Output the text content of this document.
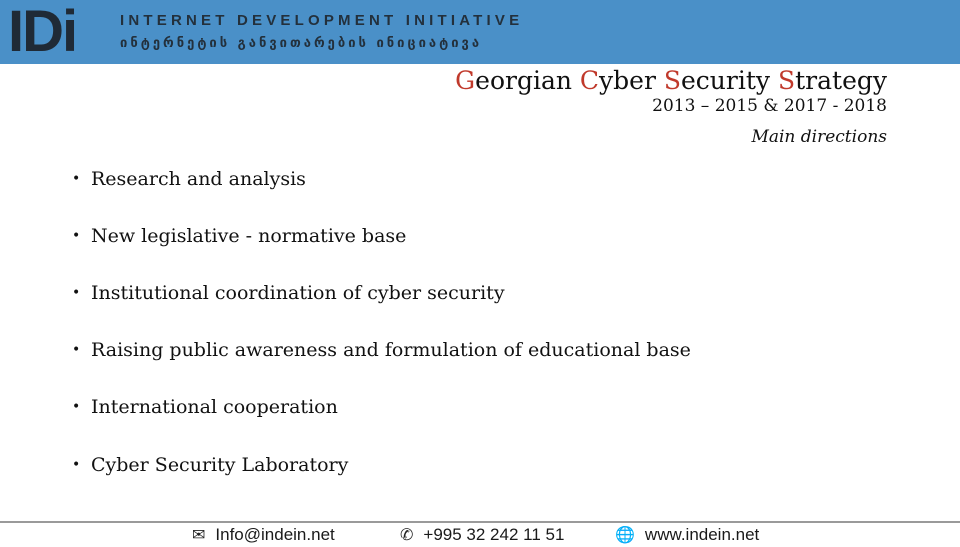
IDi	INTERNET DEVELOPMENT INITIATIVE
ინტერნეტის განვითარების ინიციატივა
Georgian Cyber Security Strategy
2013 – 2015 & 2017 - 2018
Main directions
• Research and analysis
• New legislative - normative base
• Institutional coordination of cyber security
• Raising public awareness and formulation of educational base
• International cooperation
• Cyber Security Laboratory
✉ Info@indein.net	✆ +995 32 242 11 51	🌐 www.indein.net
